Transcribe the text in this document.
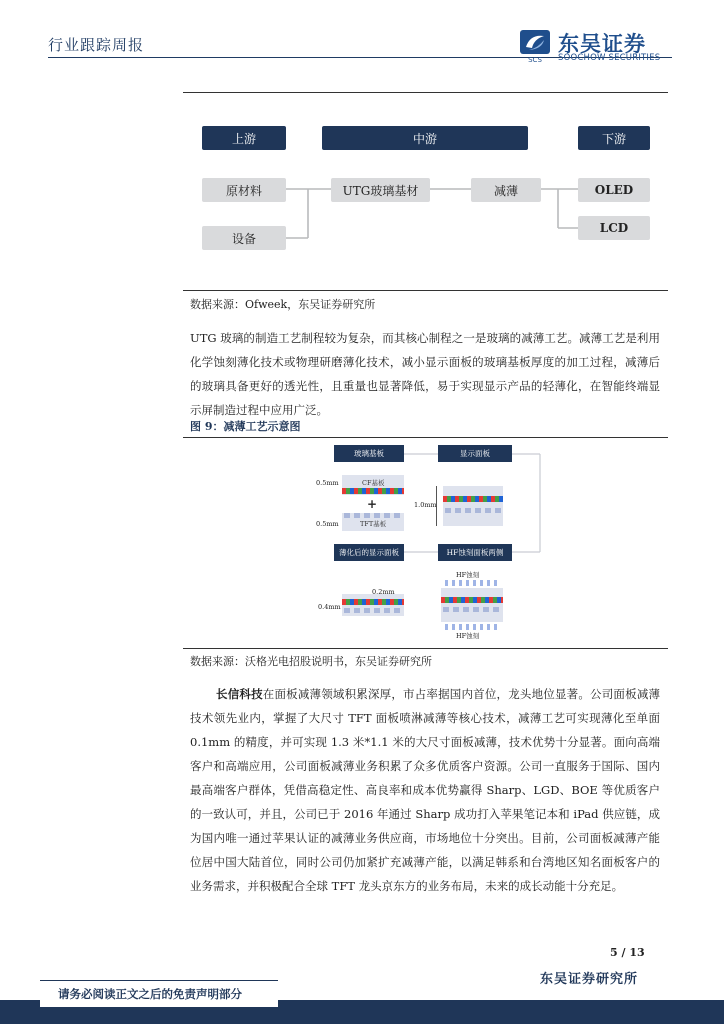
行业跟踪周报
SCS
东吴证券
SOOCHOW SECURITIES
上游	中游	下游
原材料	UTG玻璃基材	减薄	OLED
设备
LCD
数据来源：Ofweek，东吴证券研究所
UTG 玻璃的制造工艺制程较为复杂，而其核心制程之一是玻璃的减薄工艺。减薄工艺是利用化学蚀刻薄化技术或物理研磨薄化技术，减小显示面板的玻璃基板厚度的加工过程，减薄后的玻璃具备更好的透光性，且重量也显著降低，易于实现显示产品的轻薄化，在智能终端显示屏制造过程中应用广泛。
图 9：减薄工艺示意图
玻璃基板	显示面板
薄化后的显示面板	HF蚀刻面板两侧
CF基板
0.5mm
+
TFT基板
0.5mm
1.0mm
0.2mm
0.4mm
HF蚀刻
HF蚀刻
数据来源：沃格光电招股说明书，东吴证券研究所
长信科技在面板减薄领域积累深厚，市占率据国内首位，龙头地位显著。公司面板减薄技术领先业内，掌握了大尺寸 TFT 面板喷淋减薄等核心技术，减薄工艺可实现薄化至单面 0.1mm 的精度，并可实现 1.3 米*1.1 米的大尺寸面板减薄，技术优势十分显著。面向高端客户和高端应用，公司面板减薄业务积累了众多优质客户资源。公司一直服务于国际、国内最高端客户群体，凭借高稳定性、高良率和成本优势赢得 Sharp、LGD、BOE 等优质客户的一致认可，并且，公司已于 2016 年通过 Sharp 成功打入苹果笔记本和 iPad 供应链，成为国内唯一通过苹果认证的减薄业务供应商，市场地位十分突出。目前，公司面板减薄产能位居中国大陆首位，同时公司仍加紧扩充减薄产能，以满足韩系和台湾地区知名面板客户的业务需求，并积极配合全球 TFT 龙头京东方的业务布局，未来的成长动能十分充足。
5 / 13
东吴证券研究所
请务必阅读正文之后的免责声明部分
